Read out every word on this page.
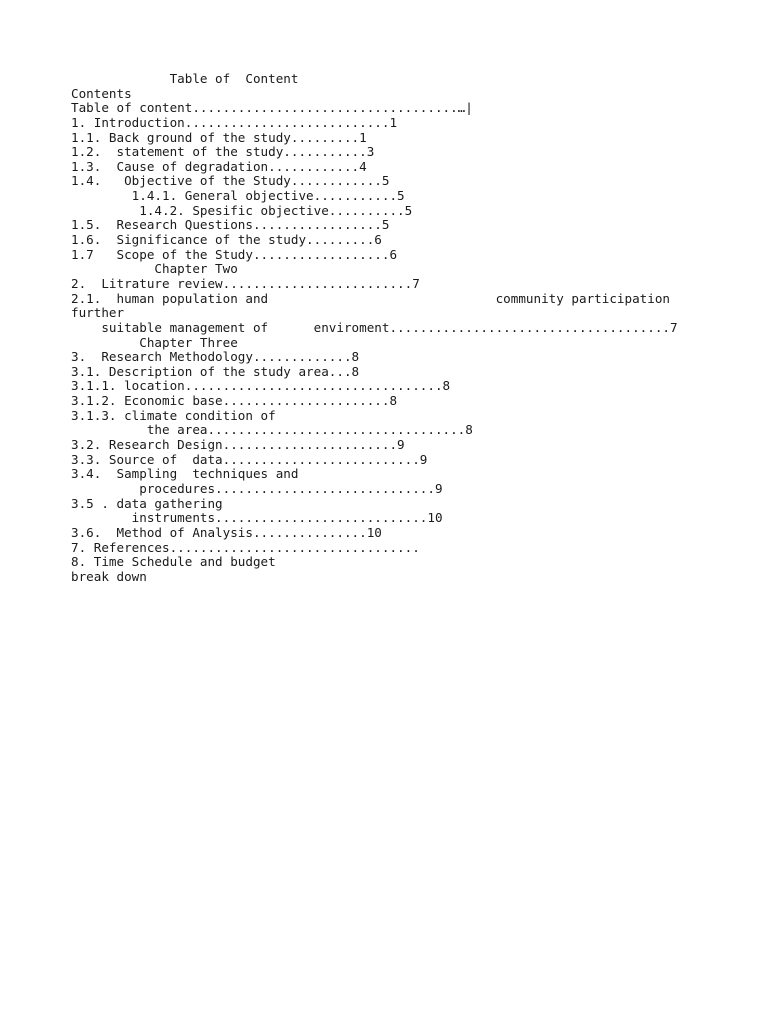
Table of  Content
Contents
Table of content...................................…|
1. Introduction...........................1
1.1. Back ground of the study.........1
1.2.  statement of the study...........3
1.3.  Cause of degradation............4
1.4.   Objective of the Study............5
1.4.1. General objective...........5
1.4.2. Spesific objective..........5
1.5.  Research Questions.................5
1.6.  Significance of the study.........6
1.7   Scope of the Study..................6
Chapter Two
2.  Litrature review.........................7
2.1.  human population and                              community participation
further
suitable management of      enviroment.....................................7
Chapter Three
3.  Research Methodology.............8
3.1. Description of the study area...8
3.1.1. location..................................8
3.1.2. Economic base......................8
3.1.3. climate condition of
the area..................................8
3.2. Research Design.......................9
3.3. Source of  data..........................9
3.4.  Sampling  techniques and
procedures.............................9
3.5 . data gathering
instruments............................10
3.6.  Method of Analysis...............10
7. References.................................
8. Time Schedule and budget
break down
